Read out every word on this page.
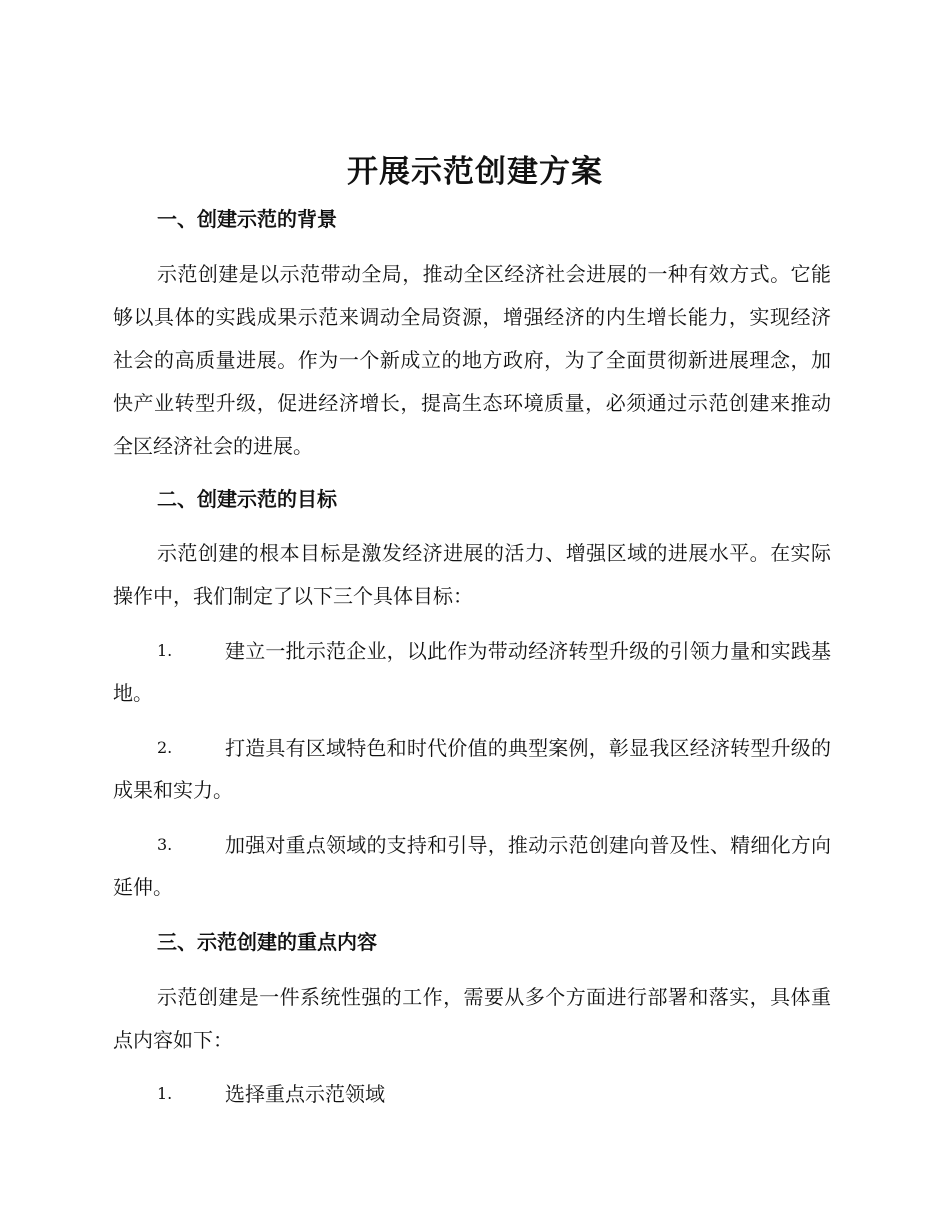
开展示范创建方案
一、创建示范的背景
示范创建是以示范带动全局，推动全区经济社会进展的一种有效方式。它能够以具体的实践成果示范来调动全局资源，增强经济的内生增长能力，实现经济社会的高质量进展。作为一个新成立的地方政府，为了全面贯彻新进展理念，加快产业转型升级，促进经济增长，提高生态环境质量，必须通过示范创建来推动全区经济社会的进展。
二、创建示范的目标
示范创建的根本目标是激发经济进展的活力、增强区域的进展水平。在实际操作中，我们制定了以下三个具体目标：
1.	建立一批示范企业，以此作为带动经济转型升级的引领力量和实践基地。
2.	打造具有区域特色和时代价值的典型案例，彰显我区经济转型升级的成果和实力。
3.	加强对重点领域的支持和引导，推动示范创建向普及性、精细化方向延伸。
三、示范创建的重点内容
示范创建是一件系统性强的工作，需要从多个方面进行部署和落实，具体重点内容如下：
1.	选择重点示范领域
